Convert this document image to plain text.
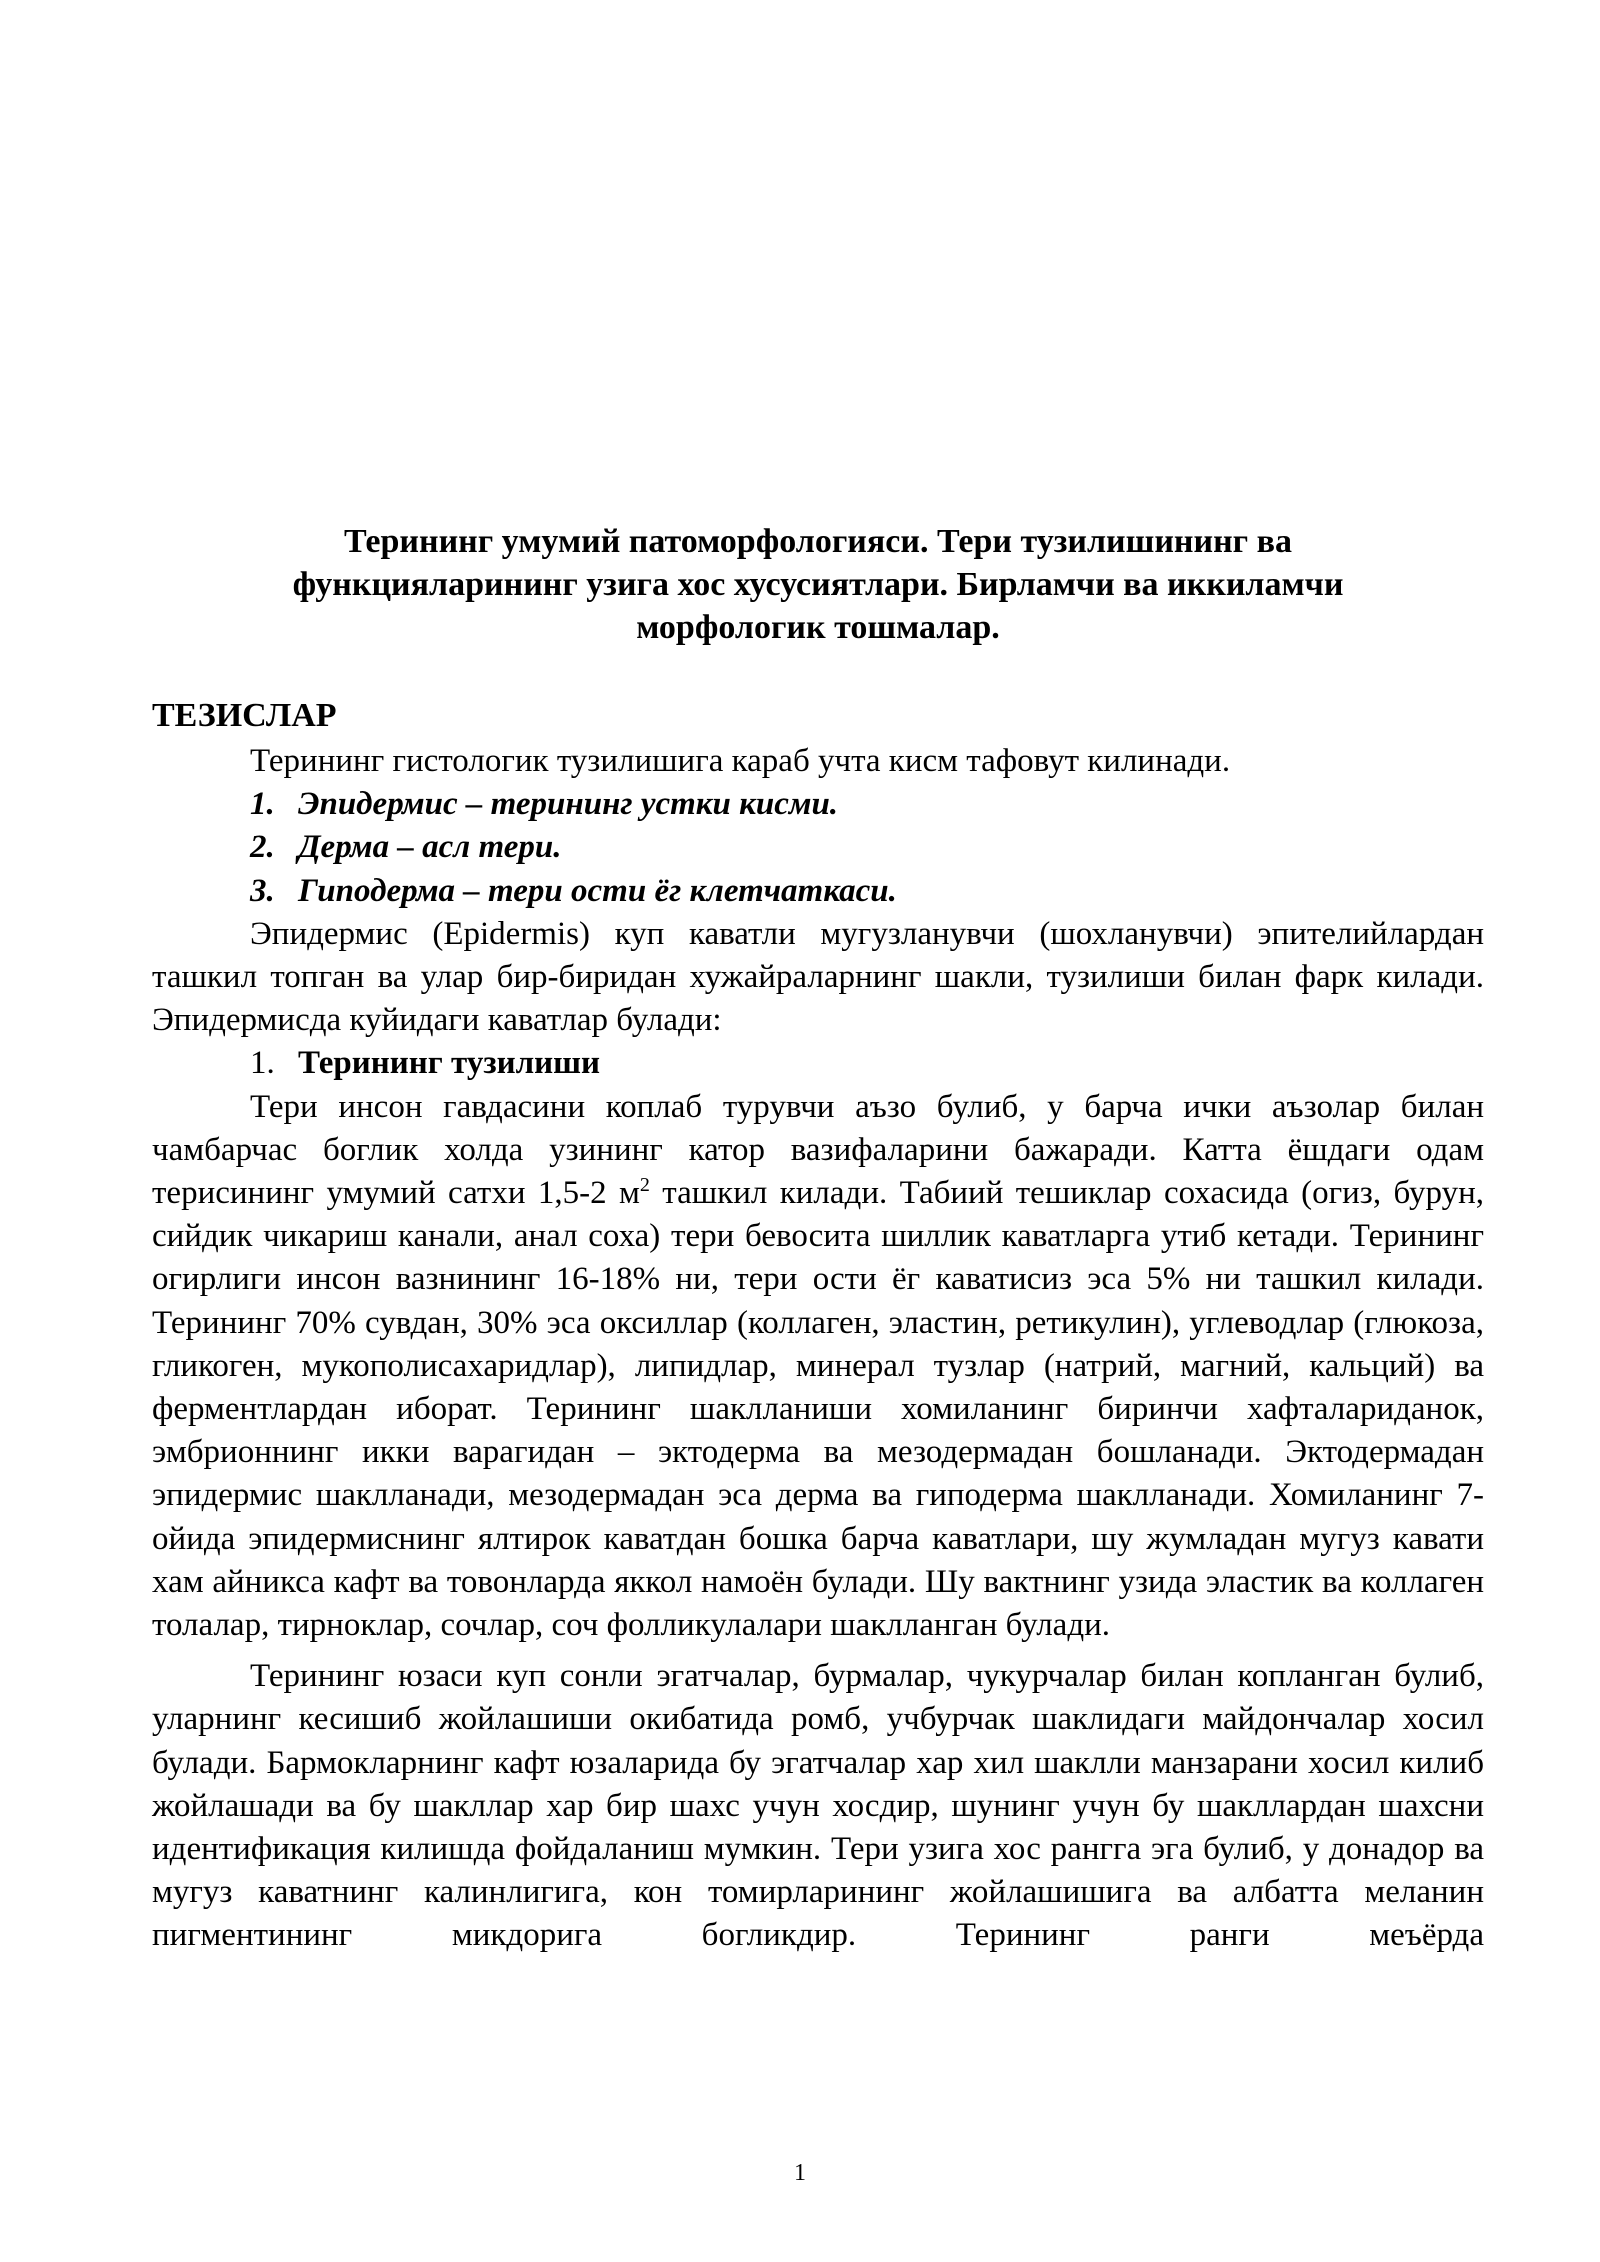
Терининг умумий патоморфологияси. Тери тузилишининг ва

функцияларининг узига хос хусусиятлари. Бирламчи ва иккиламчи

морфологик тошмалар.

ТЕЗИСЛАР

Терининг гистологик тузилишига караб учта кисм тафовут килинади.

1. Эпидермис – терининг устки кисми.

2. Дерма – асл тери.

3. Гиподерма – тери ости ёг клетчаткаси.

Эпидермис (Epidermis) куп каватли мугузланувчи (шохланувчи) эпителийлардан ташкил топган ва улар бир-биридан хужайраларнинг шакли, тузилиши билан фарк килади. Эпидермисда куйидаги каватлар булади:

1. Терининг тузилиши

Тери инсон гавдасини коплаб турувчи аъзо булиб, у барча ички аъзолар билан чамбарчас боглик холда узининг катор вазифаларини бажаради. Катта ёшдаги одам терисининг умумий сатхи 1,5-2 $м^2$ ташкил килади. Табиий тешиклар сохасида (огиз, бурун, сийдик чикариш канали, анал соха) тери бевосита шиллик каватларга утиб кетади. Терининг огирлиги инсон вазнининг 16-18% ни, тери ости ёг каватисиз эса 5% ни ташкил килади. Терининг 70% сувдан, 30% эса оксиллар (коллаген, эластин, ретикулин), углеводлар (глюкоза, гликоген, мукополисахаридлар), липидлар, минерал тузлар (натрий, магний, кальций) ва ферментлардан иборат. Терининг шаклланиши хомиланинг биринчи хафталариданок, эмбрионнинг икки варагидан – эктодерма ва мезодермадан бошланади. Эктодермадан эпидермис шаклланади, мезодермадан эса дерма ва гиподерма шаклланади. Хомиланинг 7-ойида эпидермиснинг ялтирок каватдан бошка барча каватлари, шу жумладан мугуз кавати хам айникса кафт ва товонларда яккол намоён булади. Шу вактнинг узида эластик ва коллаген толалар, тирноклар, сочлар, соч фолликулалари шаклланган булади.

Терининг юзаси куп сонли эгатчалар, бурмалар, чукурчалар билан копланган булиб, уларнинг кесишиб жойлашиши окибатида ромб, учбурчак шаклидаги майдончалар хосил булади. Бармокларнинг кафт юзаларида бу эгатчалар хар хил шаклли манзарани хосил килиб жойлашади ва бу шакллар хар бир шахс учун хосдир, шунинг учун бу шакллардан шахсни идентификация килишда фойдаланиш мумкин. Тери узига хос рангга эга булиб, у донадор ва мугуз каватнинг калинлигига, кон томирларининг жойлашишига ва албатта меланин пигментининг микдорига богликдир. Терининг ранги меъёрда

1
